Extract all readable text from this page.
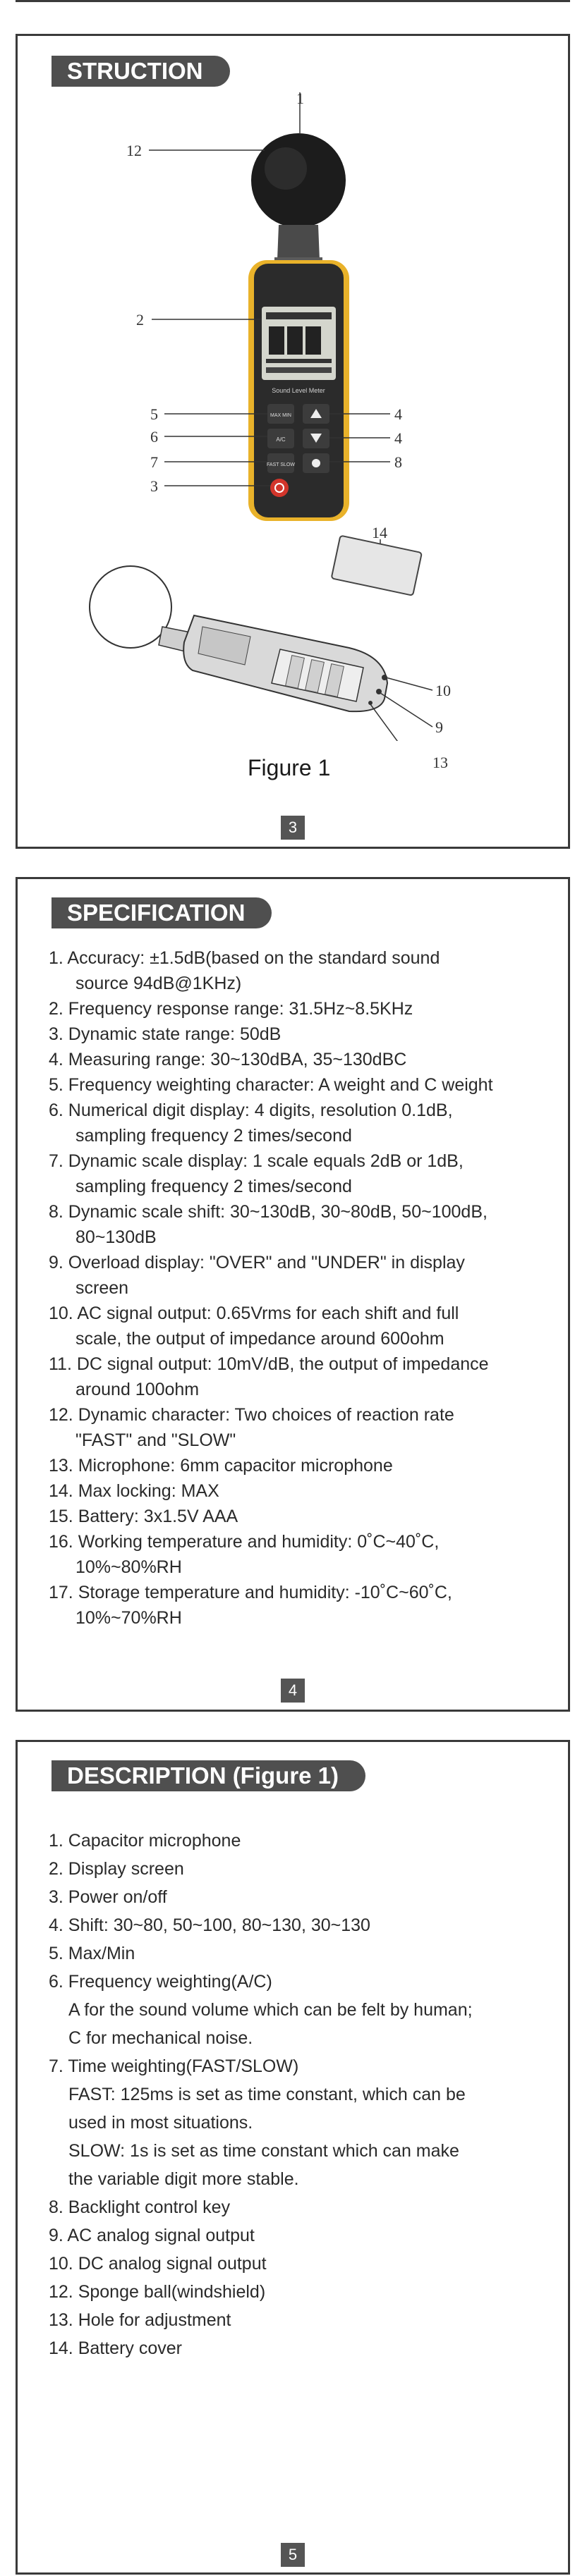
STRUCTION
Sound Level Meter
MAX MIN
A/C
FAST SLOW
1
12
2
5
6
7
3
4
4
8
14
10
9
13
Figure 1
3
SPECIFICATION
1. Accuracy: ±1.5dB(based on the standard sound
source 94dB@1KHz)
2. Frequency response range: 31.5Hz~8.5KHz
3. Dynamic state range: 50dB
4. Measuring range: 30~130dBA, 35~130dBC
5. Frequency weighting character: A weight and C weight
6. Numerical digit display: 4 digits, resolution 0.1dB,
sampling frequency 2 times/second
7. Dynamic scale display: 1 scale equals 2dB or 1dB,
sampling frequency 2 times/second
8. Dynamic scale shift: 30~130dB, 30~80dB, 50~100dB,
80~130dB
9. Overload display: "OVER" and "UNDER" in display
screen
10. AC signal output: 0.65Vrms for each shift and full
scale, the output of impedance around 600ohm
11. DC signal output: 10mV/dB, the output of impedance
around 100ohm
12. Dynamic character: Two choices of reaction rate
"FAST" and "SLOW"
13. Microphone: 6mm capacitor microphone
14. Max locking: MAX
15. Battery: 3x1.5V AAA
16. Working temperature and humidity: 0˚C~40˚C,
10%~80%RH
17. Storage temperature and humidity: -10˚C~60˚C,
10%~70%RH
4
DESCRIPTION (Figure 1)
1. Capacitor microphone
2. Display screen
3. Power on/off
4. Shift: 30~80, 50~100, 80~130, 30~130
5. Max/Min
6. Frequency weighting(A/C)
A for the sound volume which can be felt by human;
C for mechanical noise.
7. Time weighting(FAST/SLOW)
FAST: 125ms is set as time constant, which can be
used in most situations.
SLOW: 1s is set as time constant which can make
the variable digit more stable.
8. Backlight control key
9. AC analog signal output
10. DC analog signal output
12. Sponge ball(windshield)
13. Hole for adjustment
14. Battery cover
5
